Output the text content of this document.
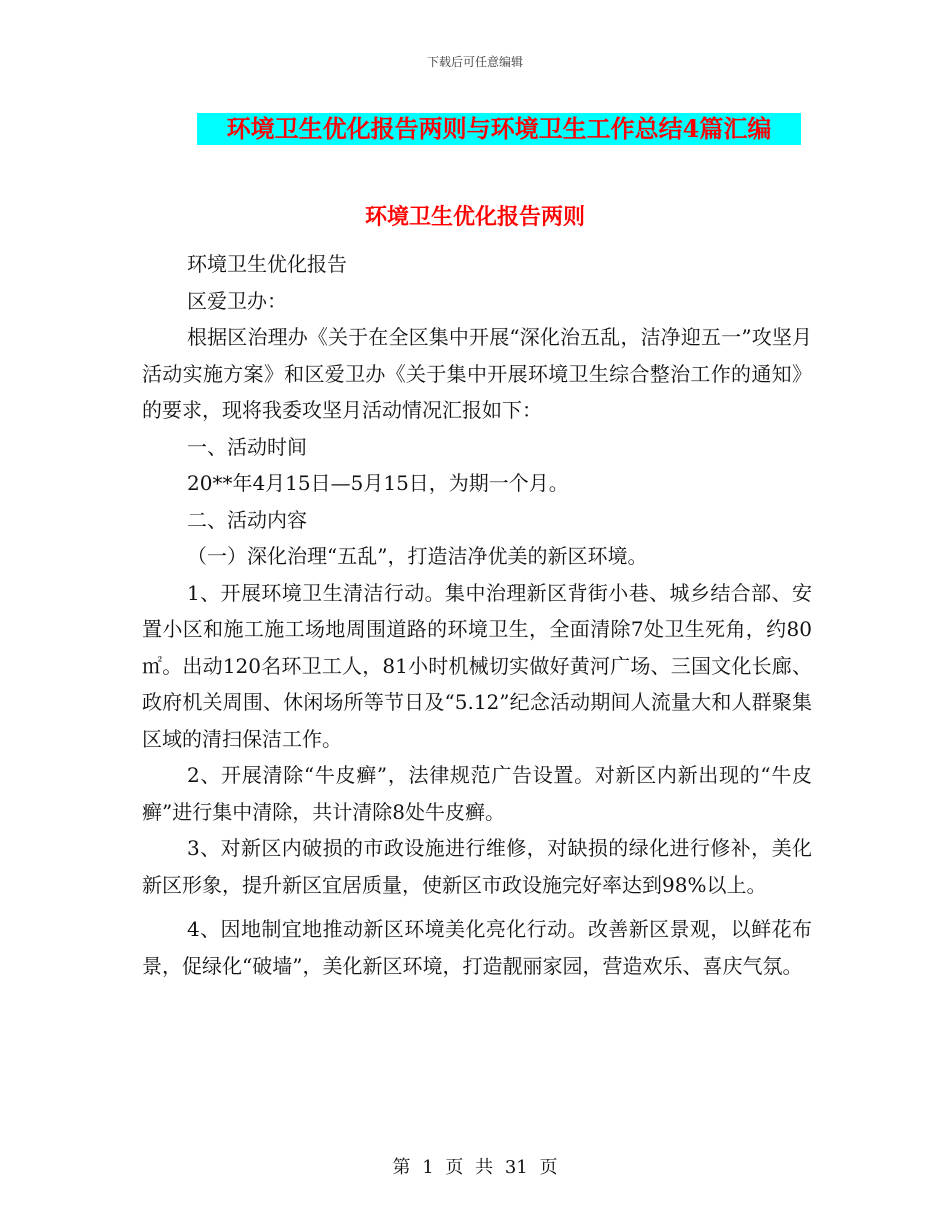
下载后可任意编辑
环境卫生优化报告两则与环境卫生工作总结4篇汇编
环境卫生优化报告两则

环境卫生优化报告

区爱卫办：

根据区治理办《关于在全区集中开展“深化治五乱，洁净迎五一”攻坚月活动实施方案》和区爱卫办《关于集中开展环境卫生综合整治工作的通知》的要求，现将我委攻坚月活动情况汇报如下：

一、活动时间

20**年4月15日—5月15日，为期一个月。

二、活动内容

（一）深化治理“五乱”，打造洁净优美的新区环境。

1、开展环境卫生清洁行动。集中治理新区背街小巷、城乡结合部、安置小区和施工施工场地周围道路的环境卫生，全面清除7处卫生死角，约80㎡。出动120名环卫工人，81小时机械切实做好黄河广场、三国文化长廊、政府机关周围、休闲场所等节日及“5.12”纪念活动期间人流量大和人群聚集区域的清扫保洁工作。

2、开展清除“牛皮癣”，法律规范广告设置。对新区内新出现的“牛皮癣”进行集中清除，共计清除8处牛皮癣。

3、对新区内破损的市政设施进行维修，对缺损的绿化进行修补，美化新区形象，提升新区宜居质量，使新区市政设施完好率达到98%以上。

4、因地制宜地推动新区环境美化亮化行动。改善新区景观，以鲜花布景，促绿化“破墙”，美化新区环境，打造靓丽家园，营造欢乐、喜庆气氛。

第 1 页 共 31 页
